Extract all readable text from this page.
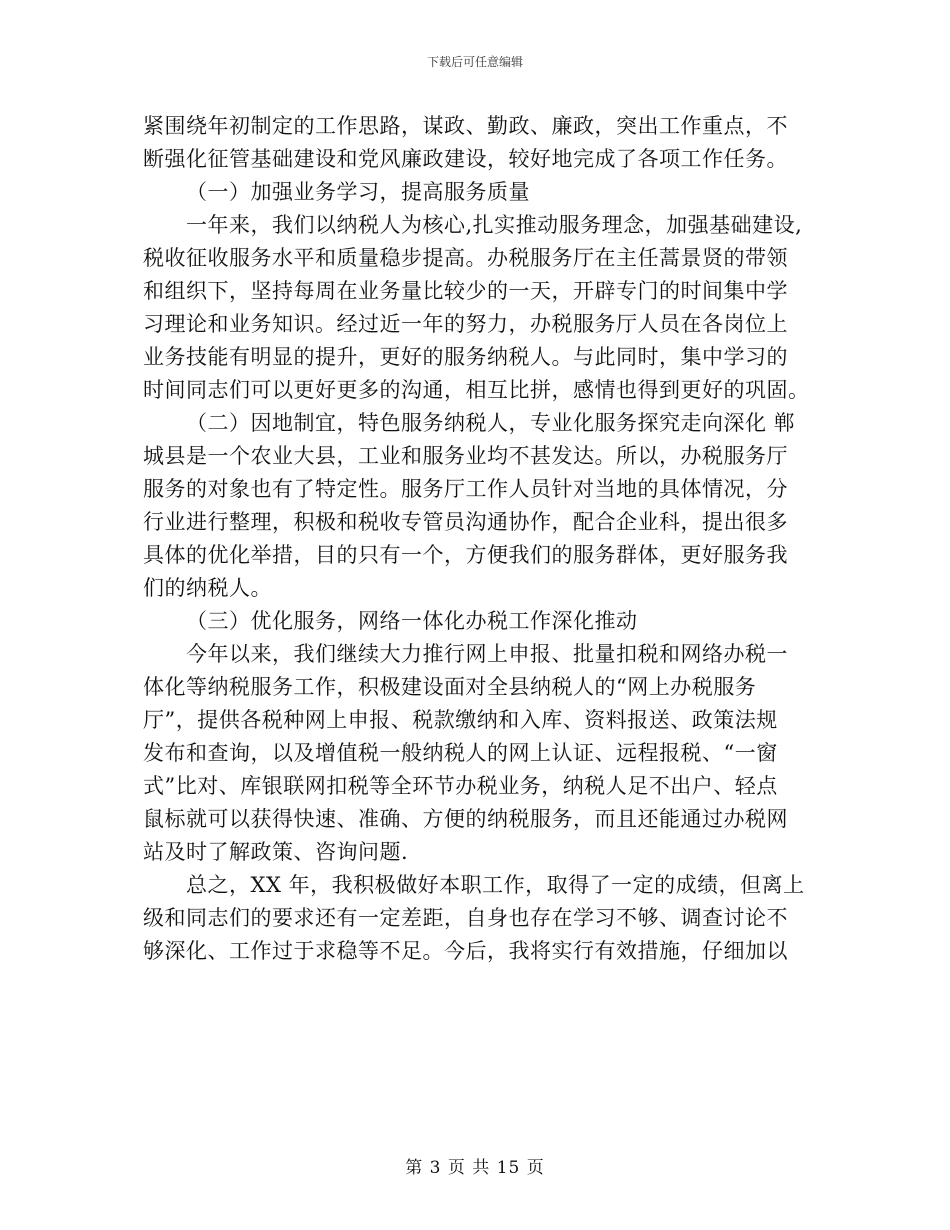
下载后可任意编辑
紧围绕年初制定的工作思路，谋政、勤政、廉政，突出工作重点，不
断强化征管基础建设和党风廉政建设，较好地完成了各项工作任务。
（一）加强业务学习，提高服务质量
一年来，我们以纳税人为核心,扎实推动服务理念，加强基础建设,
税收征收服务水平和质量稳步提高。办税服务厅在主任蒿景贤的带领
和组织下，坚持每周在业务量比较少的一天，开辟专门的时间集中学
习理论和业务知识。经过近一年的努力，办税服务厅人员在各岗位上
业务技能有明显的提升，更好的服务纳税人。与此同时，集中学习的
时间同志们可以更好更多的沟通，相互比拼，感情也得到更好的巩固。
（二）因地制宜，特色服务纳税人，专业化服务探究走向深化 郸
城县是一个农业大县，工业和服务业均不甚发达。所以，办税服务厅
服务的对象也有了特定性。服务厅工作人员针对当地的具体情况，分
行业进行整理，积极和税收专管员沟通协作，配合企业科，提出很多
具体的优化举措，目的只有一个，方便我们的服务群体，更好服务我
们的纳税人。
（三）优化服务，网络一体化办税工作深化推动
今年以来，我们继续大力推行网上申报、批量扣税和网络办税一
体化等纳税服务工作，积极建设面对全县纳税人的“网上办税服务
厅”，提供各税种网上申报、税款缴纳和入库、资料报送、政策法规
发布和查询，以及增值税一般纳税人的网上认证、远程报税、“一窗
式”比对、库银联网扣税等全环节办税业务，纳税人足不出户、轻点
鼠标就可以获得快速、准确、方便的纳税服务，而且还能通过办税网
站及时了解政策、咨询问题.
总之，XX 年，我积极做好本职工作，取得了一定的成绩，但离上
级和同志们的要求还有一定差距，自身也存在学习不够、调查讨论不
够深化、工作过于求稳等不足。今后，我将实行有效措施，仔细加以
第 3 页 共 15 页
